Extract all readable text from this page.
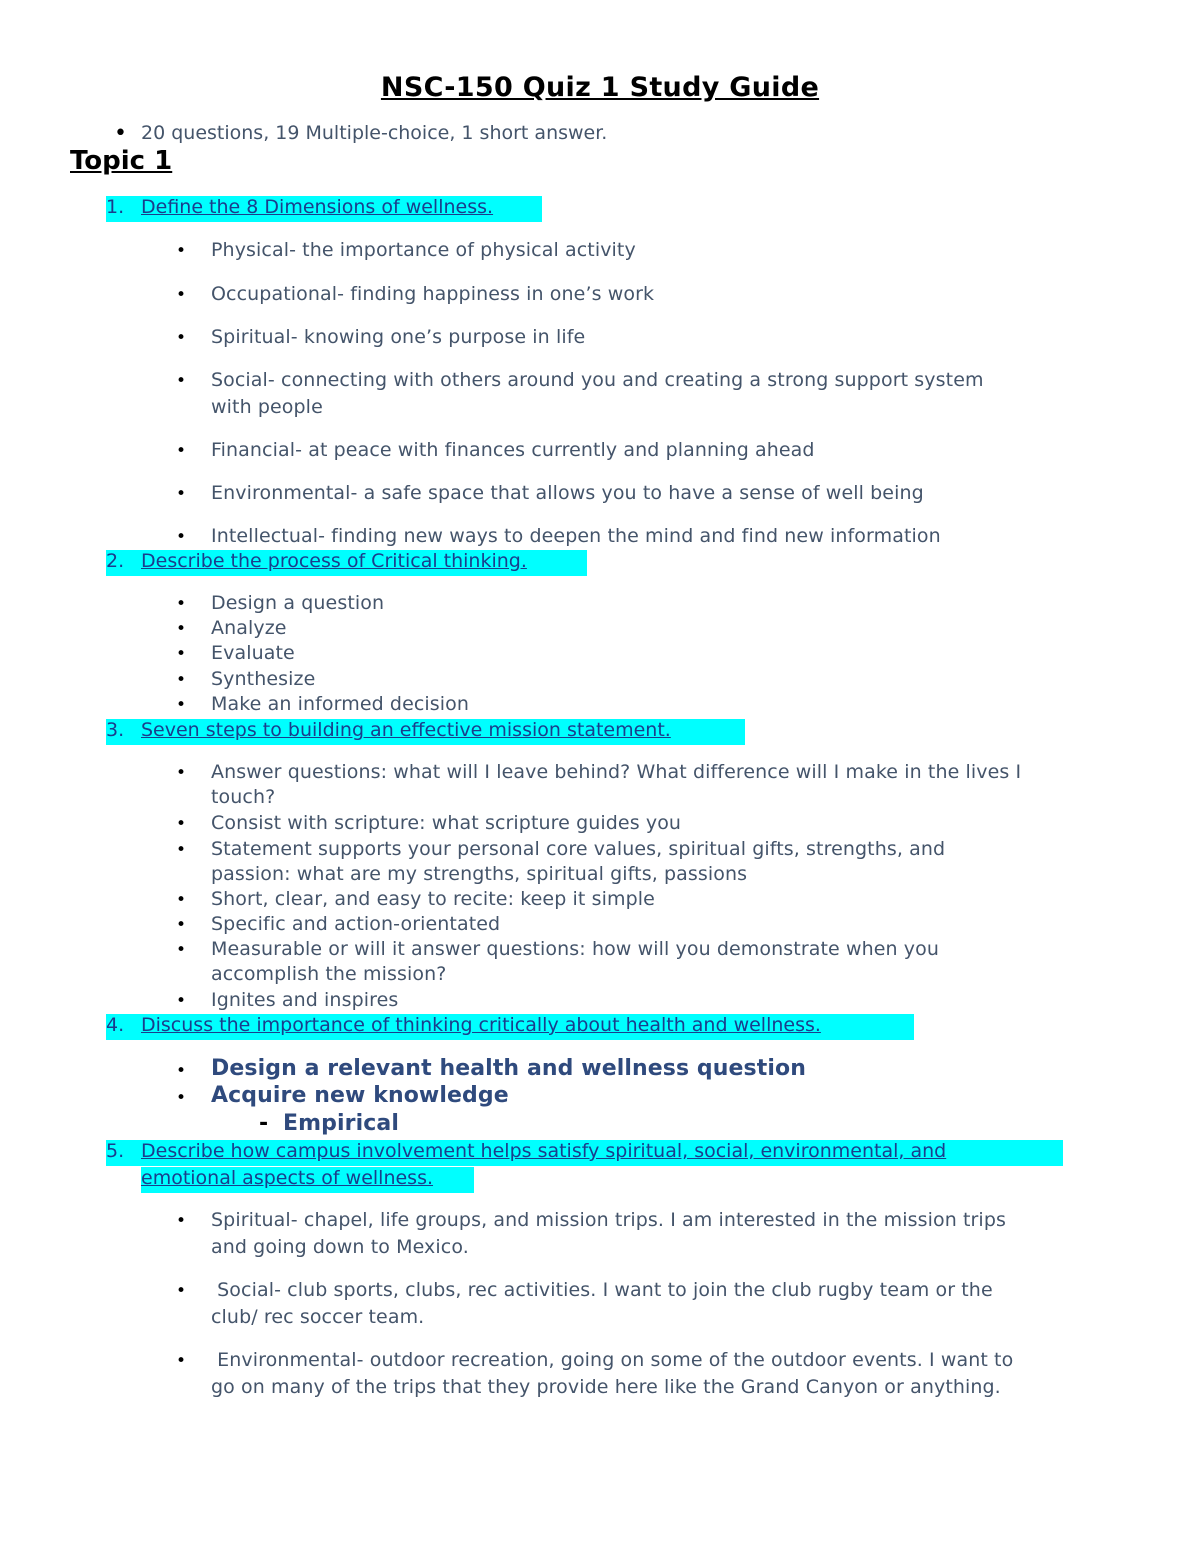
NSC-150 Quiz 1 Study Guide
• 20 questions, 19 Multiple-choice, 1 short answer.
Topic 1
1. Define the 8 Dimensions of wellness.
• Physical- the importance of physical activity
• Occupational- finding happiness in one’s work
• Spiritual- knowing one’s purpose in life
• Social- connecting with others around you and creating a strong support system
with people
• Financial- at peace with finances currently and planning ahead
• Environmental- a safe space that allows you to have a sense of well being
• Intellectual- finding new ways to deepen the mind and find new information
2. Describe the process of Critical thinking.
• Design a question
• Analyze
• Evaluate
• Synthesize
• Make an informed decision
3. Seven steps to building an effective mission statement.
• Answer questions: what will I leave behind? What difference will I make in the lives I
touch?
• Consist with scripture: what scripture guides you
• Statement supports your personal core values, spiritual gifts, strengths, and
passion: what are my strengths, spiritual gifts, passions
• Short, clear, and easy to recite: keep it simple
• Specific and action-orientated
• Measurable or will it answer questions: how will you demonstrate when you
accomplish the mission?
• Ignites and inspires
4. Discuss the importance of thinking critically about health and wellness.
• Design a relevant health and wellness question
• Acquire new knowledge
- Empirical
5. Describe how campus involvement helps satisfy spiritual, social, environmental, and
emotional aspects of wellness.
• Spiritual- chapel, life groups, and mission trips. I am interested in the mission trips
and going down to Mexico.
• Social- club sports, clubs, rec activities. I want to join the club rugby team or the
club/ rec soccer team.
• Environmental- outdoor recreation, going on some of the outdoor events. I want to
go on many of the trips that they provide here like the Grand Canyon or anything.
